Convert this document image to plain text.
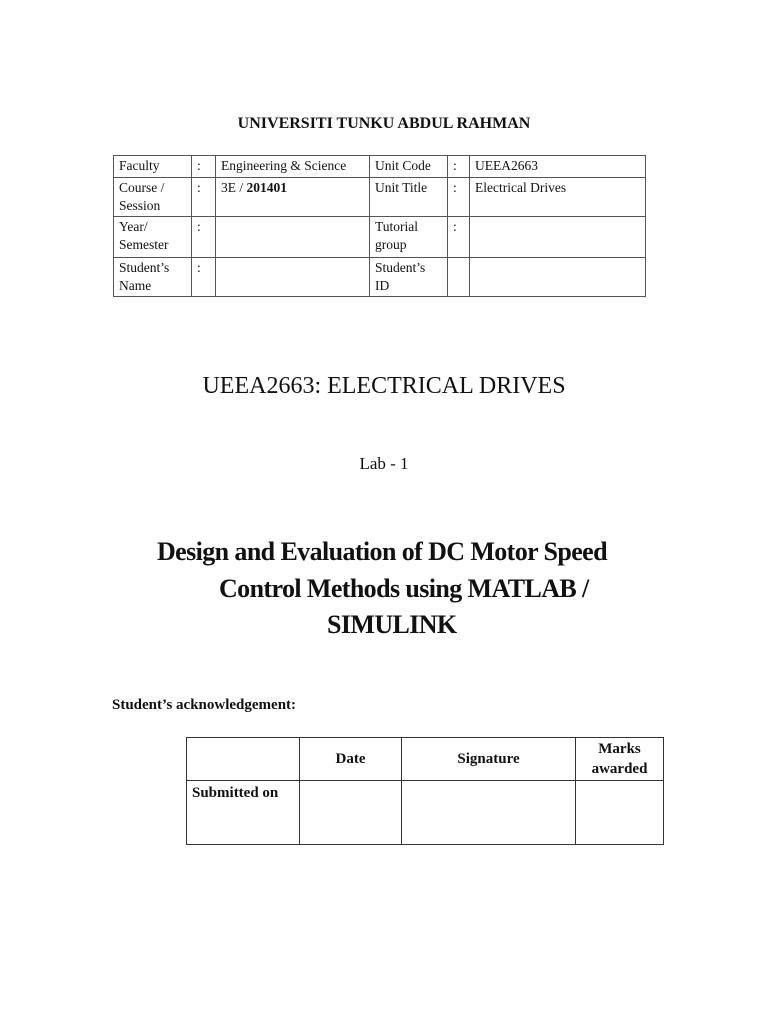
UNIVERSITI TUNKU ABDUL RAHMAN
Faculty	:	Engineering & Science	Unit Code	:	UEEA2663
Course / Session	:	3E / 201401	Unit Title	:	Electrical Drives
Year/ Semester	:		Tutorial group	:	
Student’s Name	:		Student’s ID		
UEEA2663: ELECTRICAL DRIVES
Lab - 1
Design and Evaluation of DC Motor Speed
Control Methods using MATLAB /
SIMULINK
Student’s acknowledgement:
	Date	Signature	Marks awarded
Submitted on			
